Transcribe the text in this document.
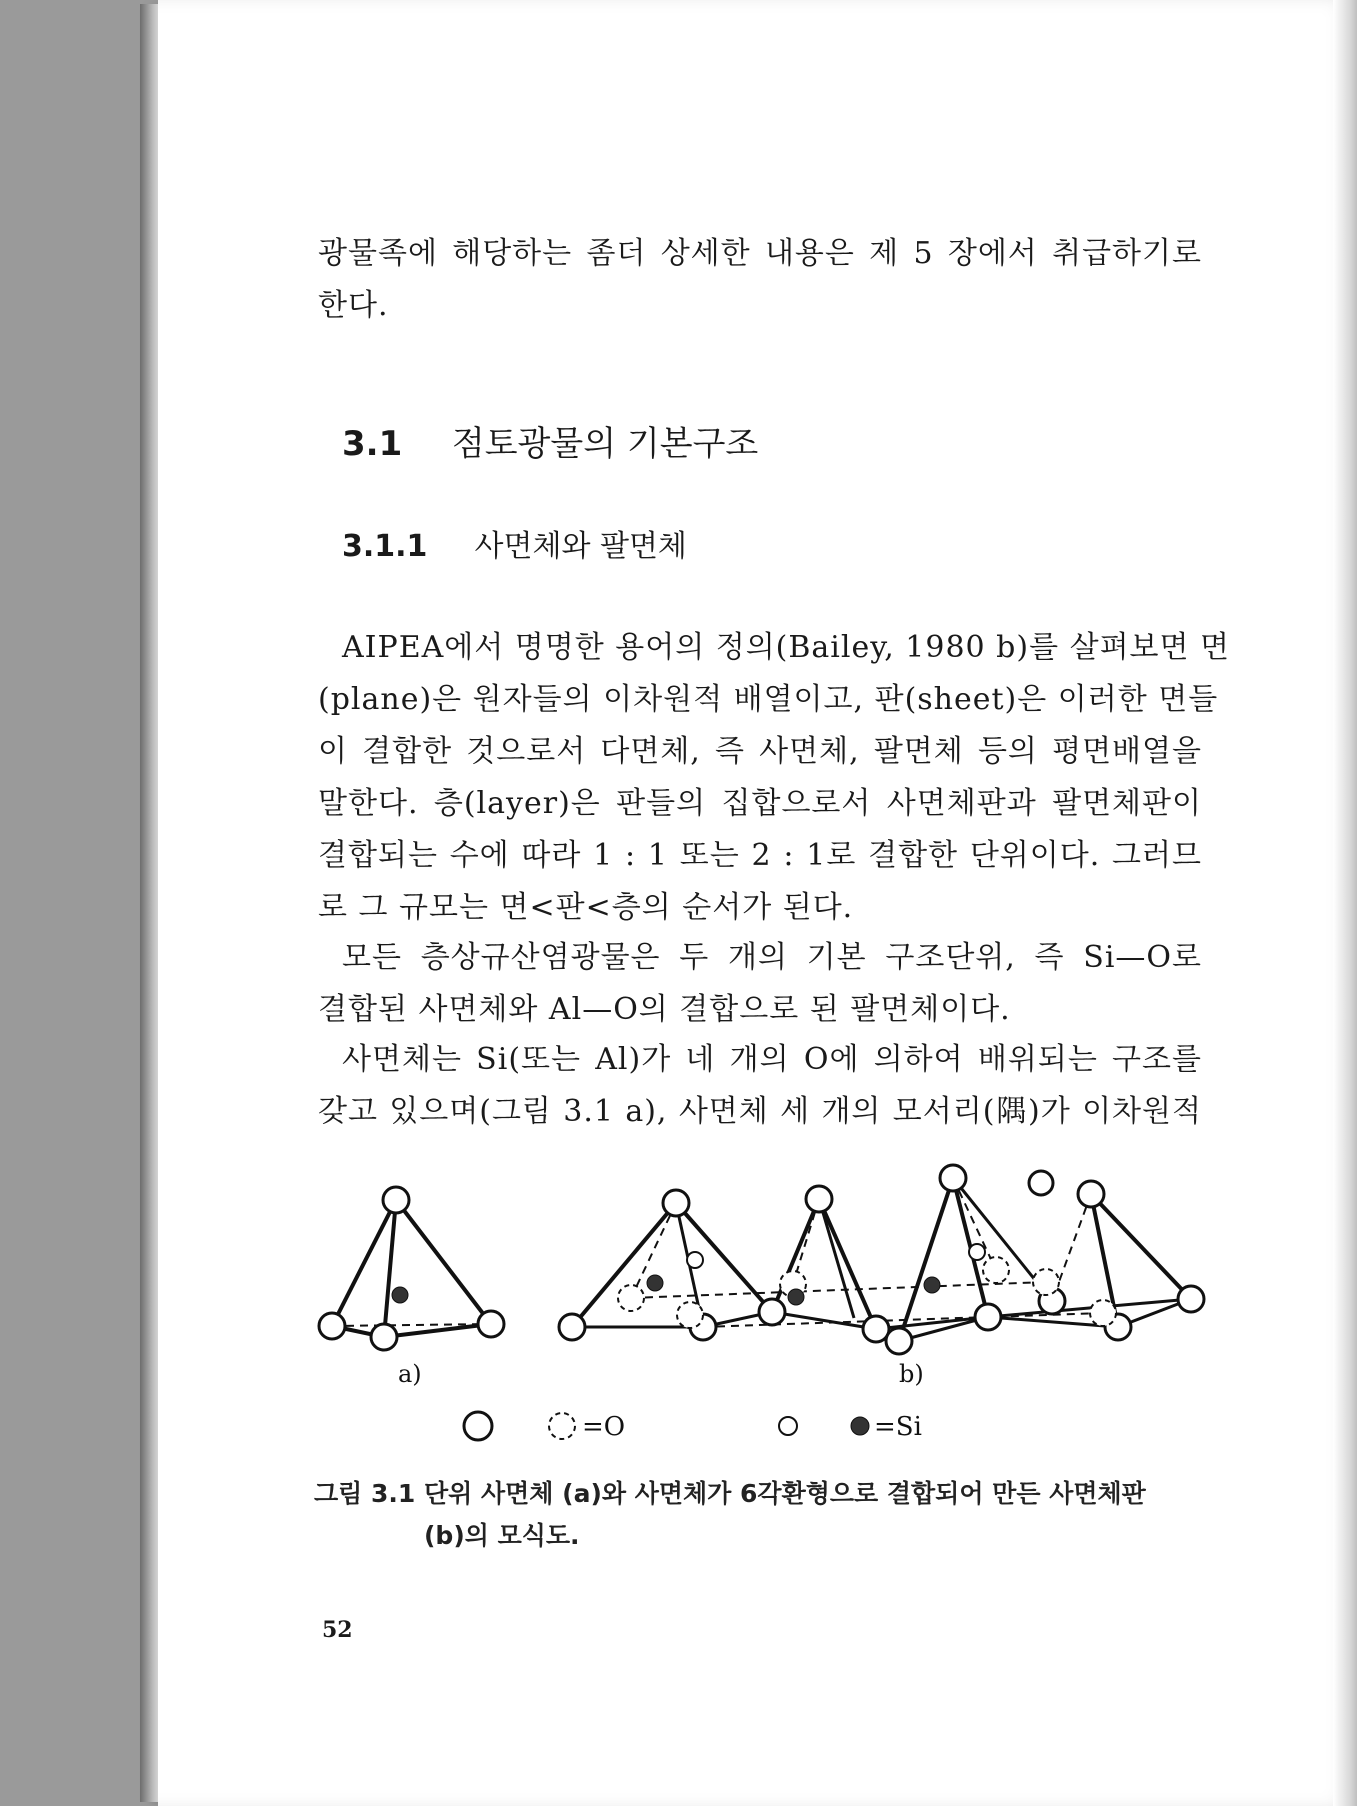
광물족에 해당하는 좀더 상세한 내용은 제 5 장에서 취급하기로
한다.
3.1 점토광물의 기본구조
3.1.1 사면체와 팔면체
AIPEA에서 명명한 용어의 정의(Bailey, 1980 b)를 살펴보면 면
(plane)은 원자들의 이차원적 배열이고, 판(sheet)은 이러한 면들
이 결합한 것으로서 다면체, 즉 사면체, 팔면체 등의 평면배열을
말한다. 층(layer)은 판들의 집합으로서 사면체판과 팔면체판이
결합되는 수에 따라 1 : 1 또는 2 : 1로 결합한 단위이다. 그러므
로 그 규모는 면<판<층의 순서가 된다.
모든 층상규산염광물은 두 개의 기본 구조단위, 즉 Si—O로
결합된 사면체와 Al—O의 결합으로 된 팔면체이다.
사면체는 Si(또는 Al)가 네 개의 O에 의하여 배위되는 구조를
갖고 있으며(그림 3.1 a), 사면체 세 개의 모서리(隅)가 이차원적
a)	b)
=O	=Si
그림 3.1 단위 사면체 (a)와 사면체가 6각환형으로 결합되어 만든 사면체판
(b)의 모식도.
52
